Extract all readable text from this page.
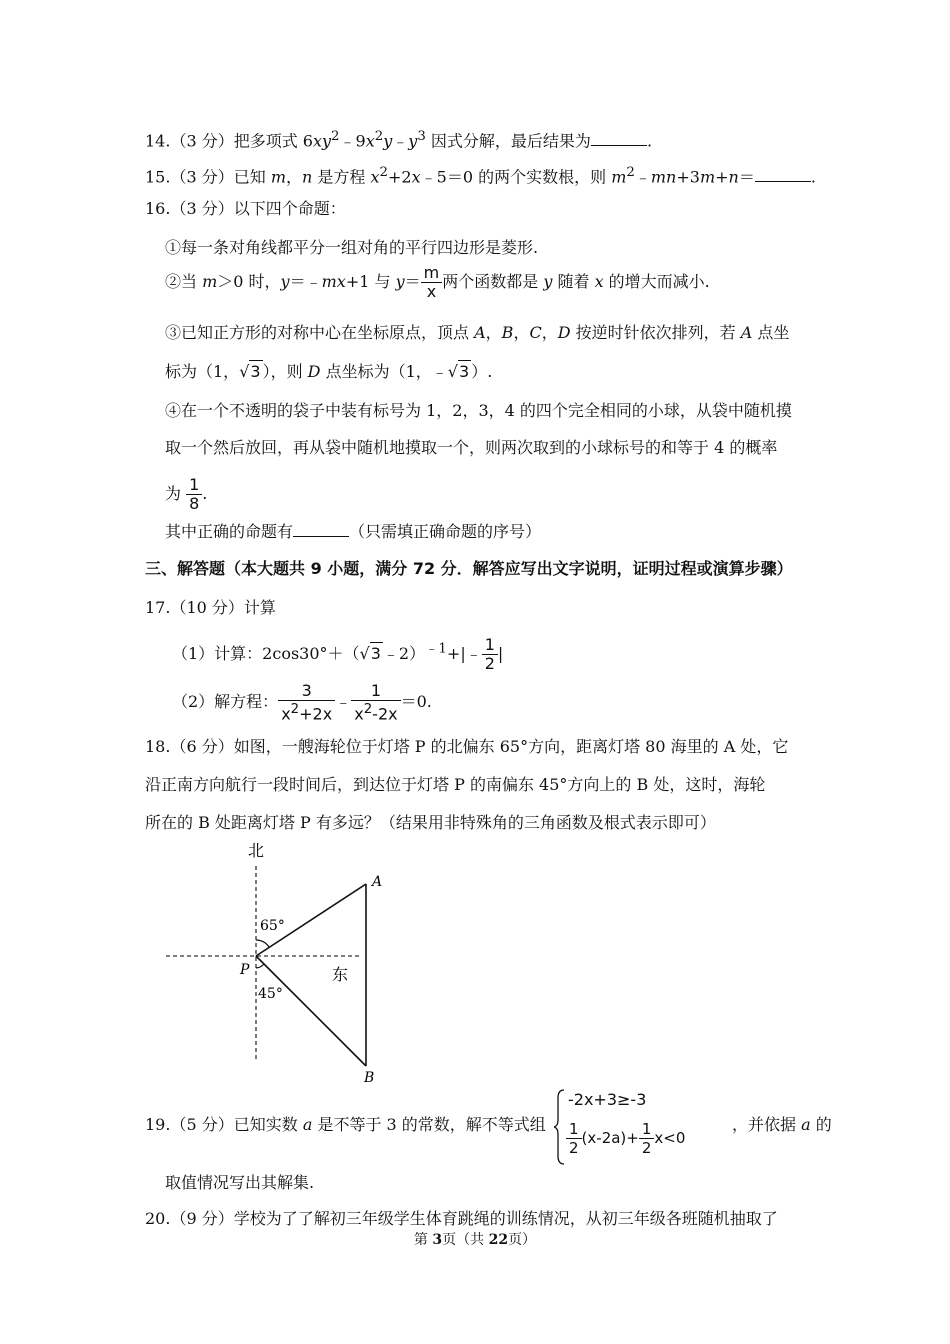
14.（3 分）把多项式 $6xy^2﹣9x^2y﹣y^3$ 因式分解，最后结果为	.
15.（3 分）已知 m，n 是方程 $x^2+2x﹣5=0$ 的两个实数根，则 $m^2﹣mn+3m+n=$	.
16.（3 分）以下四个命题：
①每一条对角线都平分一组对角的平行四边形是菱形.
②当 m＞0 时，y＝﹣mx+1 与 $y= \frac{m}{x}$ 两个函数都是 y 随着 x 的增大而减小.
③已知正方形的对称中心在坐标原点，顶点 A，B，C，D 按逆时针依次排列，若 A 点坐
标为（1，√3 ），则 D 点坐标为（1，﹣√3 ）.
④在一个不透明的袋子中装有标号为 1，2，3，4 的四个完全相同的小球，从袋中随机摸
取一个然后放回，再从袋中随机地摸取一个，则两次取到的小球标号的和等于 4 的概率
为 $\frac{1}{8}$ .
其中正确的命题有	（只需填正确命题的序号）
三、解答题（本大题共 9 小题，满分 72 分．解答应写出文字说明，证明过程或演算步骤）
17.（10 分）计算
（1）计算：2cos30°＋（√3 ﹣2）$^{﹣1}$+|﹣ $\frac{1}{2}$ |
（2）解方程： $\frac{3}{x^2+2x}$ ﹣ $\frac{1}{x^2-2x} =0$.
18.（6 分）如图，一艘海轮位于灯塔 P 的北偏东 65°方向，距离灯塔 80 海里的 A 处，它
沿正南方向航行一段时间后，到达位于灯塔 P 的南偏东 45°方向上的 B 处，这时，海轮
所在的 B 处距离灯塔 P 有多远？（结果用非特殊角的三角函数及根式表示即可）
北
A
P
B
东
65°
45°
19.（5 分）已知实数 a 是不等于 3 的常数，解不等式组
-2x+3≥-3
$\frac{1}{2} (x-2a)+ \frac{1}{2} x<0$
，并依据 a 的
取值情况写出其解集.
20.（9 分）学校为了了解初三年级学生体育跳绳的训练情况，从初三年级各班随机抽取了
第 3页（共 22页）
